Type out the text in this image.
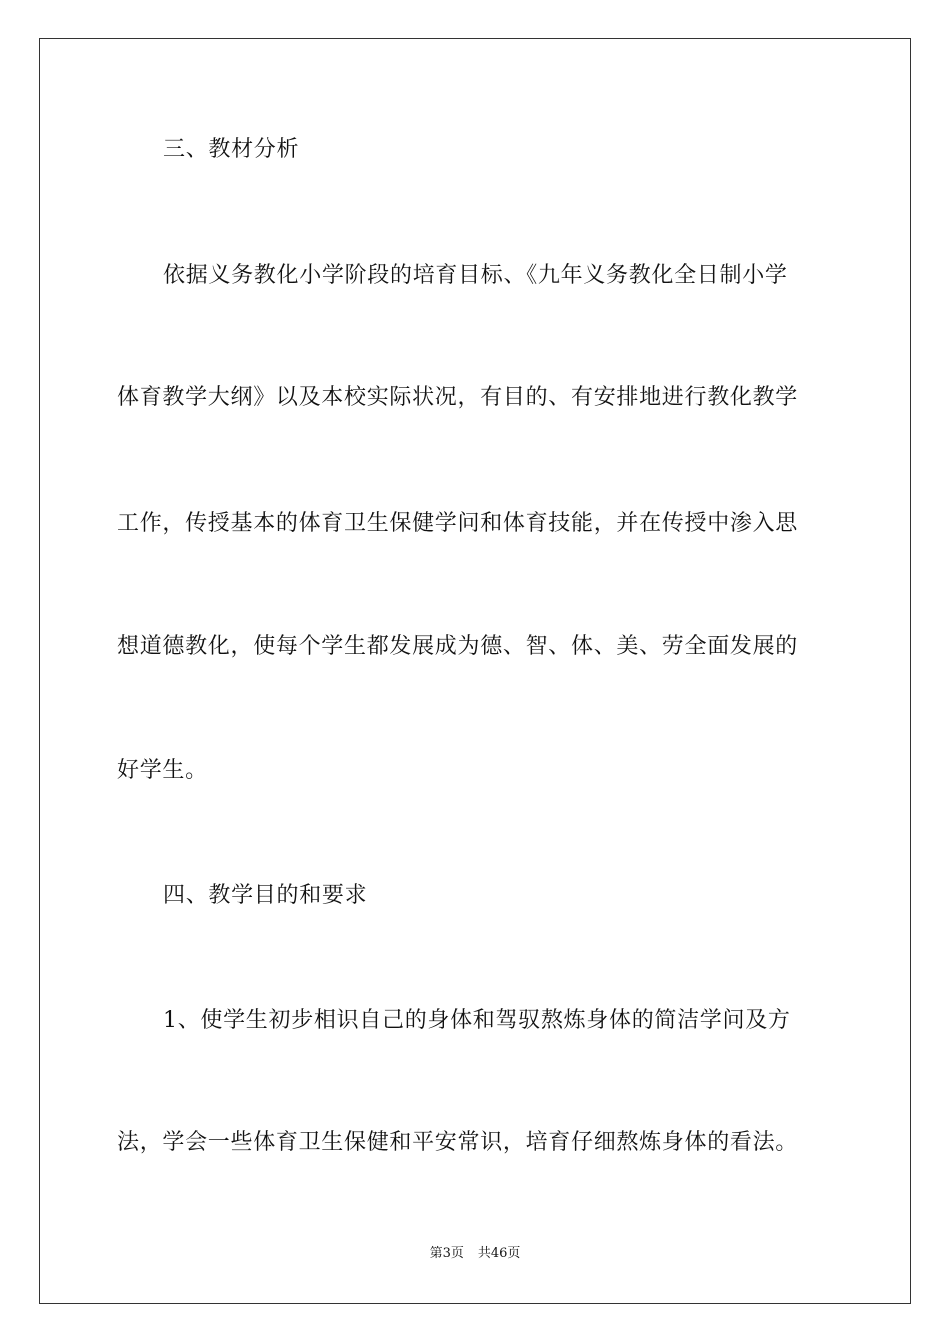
三、教材分析
依据义务教化小学阶段的培育目标、《九年义务教化全日制小学
体育教学大纲》以及本校实际状况，有目的、有安排地进行教化教学
工作，传授基本的体育卫生保健学问和体育技能，并在传授中渗入思
想道德教化，使每个学生都发展成为德、智、体、美、劳全面发展的
好学生。
四、教学目的和要求
1、使学生初步相识自己的身体和驾驭熬炼身体的简洁学问及方
法，学会一些体育卫生保健和平安常识，培育仔细熬炼身体的看法。
第3页 共46页
